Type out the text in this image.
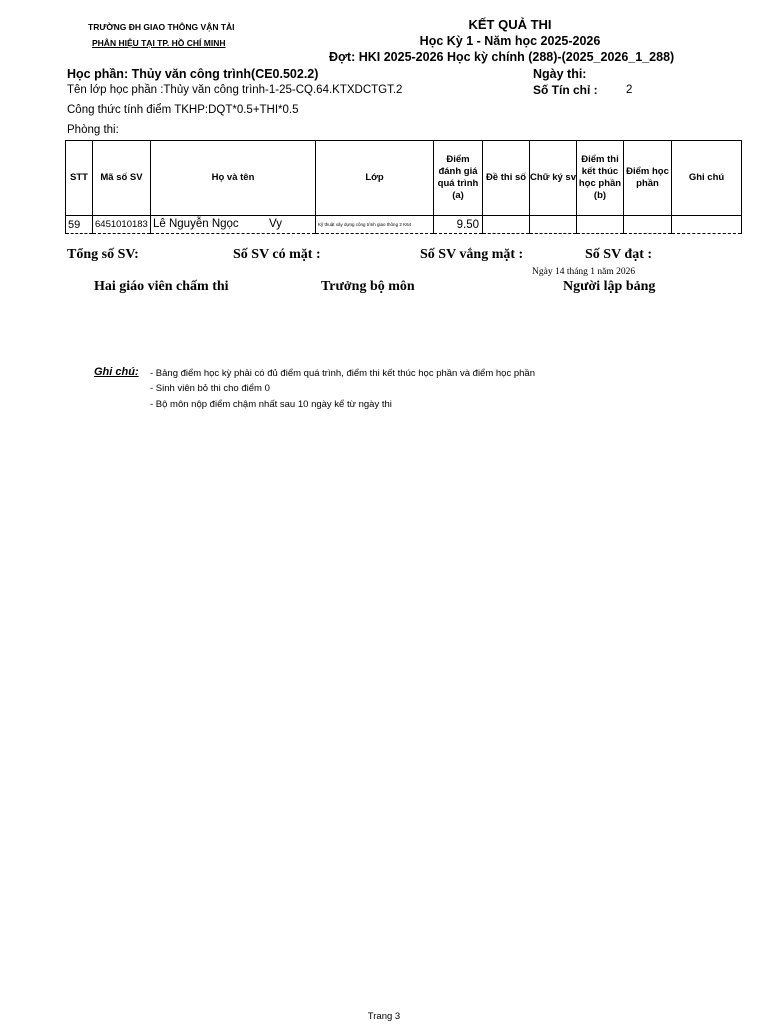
TRƯỜNG ĐH GIAO THÔNG VẬN TẢI
PHÂN HIỆU TẠI TP. HỒ CHÍ MINH
KẾT QUẢ THI
Học Kỳ 1 - Năm học 2025-2026
Đợt: HKI 2025-2026 Học kỳ chính (288)-(2025_2026_1_288)
Học phần: Thủy văn công trình(CE0.502.2)	Ngày thi:
Tên lớp học phần :Thủy văn công trình-1-25-CQ.64.KTXDCTGT.2	Số Tín chỉ : 2
Công thức tính điểm TKHP:DQT*0.5+THI*0.5
Phòng thi:
STT	Mã số SV	Họ và tên	Lớp	Điểm đánh giá quá trình (a)	Đề thi số	Chữ ký sv	Điểm thi kết thúc học phần (b)	Điểm học phần	Ghi chú
59	6451010183	Lê Nguyễn Ngọc Vy	Kỹ thuật xây dựng công trình giao thông 2 K64	9.50					
Tổng số SV:	Số SV có mặt :	Số SV vắng mặt :	Số SV đạt :
Ngày 14 tháng 1 năm 2026
Hai giáo viên chấm thi	Trưởng bộ môn	Người lập bảng
Ghi chú: - Bảng điểm học kỳ phải có đủ điểm quá trình, điểm thi kết thúc học phần và điểm học phần
- Sinh viên bỏ thi cho điểm 0
- Bộ môn nộp điểm chậm nhất sau 10 ngày kể từ ngày thi
Trang 3
